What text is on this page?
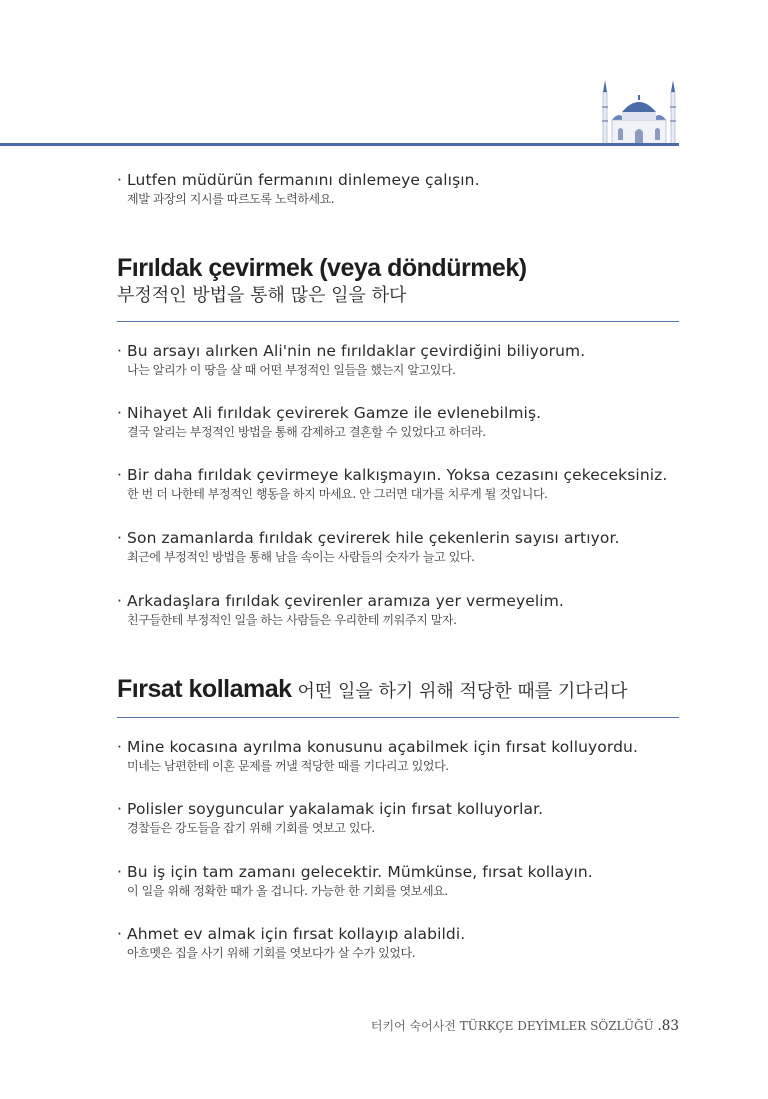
· Lutfen müdürün fermanını dinlemeye çalışın.
제발 과장의 지시를 따르도록 노력하세요.
Fırıldak çevirmek (veya döndürmek)
부정적인 방법을 통해 많은 일을 하다
· Bu arsayı alırken Ali'nin ne fırıldaklar çevirdiğini biliyorum.
나는 알리가 이 땅을 살 때 어떤 부정적인 일들을 했는지 알고있다.
· Nihayet Ali fırıldak çevirerek Gamze ile evlenebilmiş.
결국 알리는 부정적인 방법을 통해 감제하고 결혼할 수 있었다고 하더라.
· Bir daha fırıldak çevirmeye kalkışmayın. Yoksa cezasını çekeceksiniz.
한 번 더 나한테 부정적인 행동을 하지 마세요. 안 그러면 대가를 치루게 될 것입니다.
· Son zamanlarda fırıldak çevirerek hile çekenlerin sayısı artıyor.
최근에 부정적인 방법을 통해 남을 속이는 사람들의 숫자가 늘고 있다.
· Arkadaşlara fırıldak çevirenler aramıza yer vermeyelim.
친구들한테 부정적인 일을 하는 사람들은 우리한테 끼워주지 말자.
Fırsat kollamak 어떤 일을 하기 위해 적당한 때를 기다리다
· Mine kocasına ayrılma konusunu açabilmek için fırsat kolluyordu.
미네는 남편한테 이혼 문제를 꺼낼 적당한 때를 기다리고 있었다.
· Polisler soyguncular yakalamak için fırsat kolluyorlar.
경찰들은 강도들을 잡기 위해 기회를 엿보고 있다.
· Bu iş için tam zamanı gelecektir. Mümkünse, fırsat kollayın.
이 일을 위해 정확한 때가 올 겁니다. 가능한 한 기회를 엿보세요.
· Ahmet ev almak için fırsat kollayıp alabildi.
아흐멧은 집을 사기 위해 기회를 엿보다가 살 수가 있었다.
터키어 숙어사전 TÜRKÇE DEYİMLER SÖZLÜĞÜ .83
